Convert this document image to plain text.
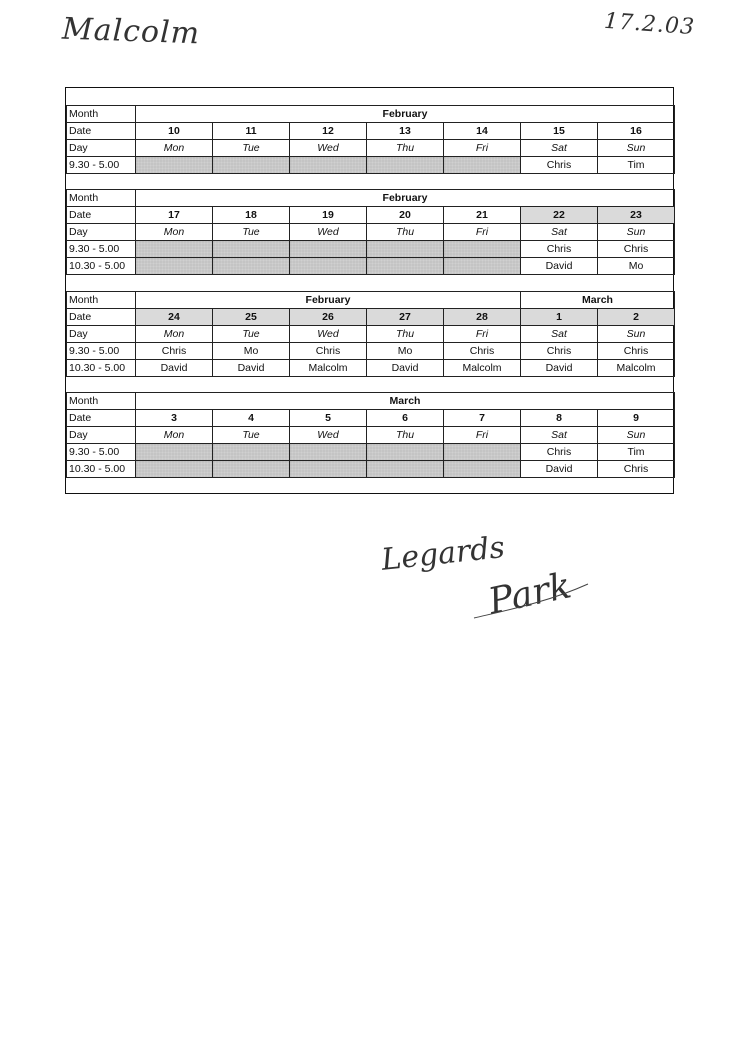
Malcolm	17.2.03
Month	February						
Date	10	11	12	13	14	15	16
Day	Mon	Tue	Wed	Thu	Fri	Sat	Sun
9.30 - 5.00						Chris	Tim
Month	February						
Date	17	18	19	20	21	22	23
Day	Mon	Tue	Wed	Thu	Fri	Sat	Sun
9.30 - 5.00						Chris	Chris
10.30 - 5.00						David	Mo
Month	February					March	
Date	24	25	26	27	28	1	2
Day	Mon	Tue	Wed	Thu	Fri	Sat	Sun
9.30 - 5.00	Chris	Mo	Chris	Mo	Chris	Chris	Chris
10.30 - 5.00	David	David	Malcolm	David	Malcolm	David	Malcolm
Month	March						
Date	3	4	5	6	7	8	9
Day	Mon	Tue	Wed	Thu	Fri	Sat	Sun
9.30 - 5.00						Chris	Tim
10.30 - 5.00						David	Chris
Legards
Park
